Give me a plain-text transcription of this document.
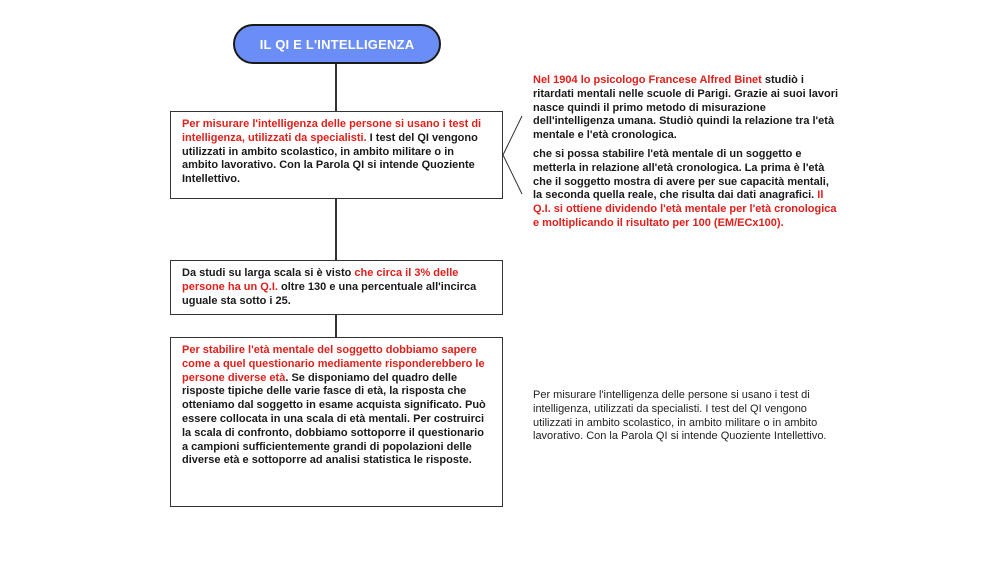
IL QI E L'INTELLIGENZA
Per misurare l'intelligenza delle persone si usano i test di intelligenza, utilizzati da specialisti. I test del QI vengono utilizzati in ambito scolastico, in ambito militare o in ambito lavorativo. Con la Parola QI si intende Quoziente Intellettivo.
Da studi su larga scala si è visto che circa il 3% delle persone ha un Q.I. oltre 130 e una percentuale all'incirca uguale sta sotto i 25.
Per stabilire l'età mentale del soggetto dobbiamo sapere come a quel questionario mediamente risponderebbero le persone diverse età. Se disponiamo del quadro delle risposte tipiche delle varie fasce di età, la risposta che otteniamo dal soggetto in esame acquista significato. Può essere collocata in una scala di età mentali. Per costruirci la scala di confronto, dobbiamo sottoporre il questionario a campioni sufficientemente grandi di popolazioni delle diverse età e sottoporre ad analisi statistica le risposte.

Nel 1904 lo psicologo Francese Alfred Binet studiò i ritardati mentali nelle scuole di Parigi. Grazie ai suoi lavori nasce quindi il primo metodo di misurazione dell'intelligenza umana. Studiò quindi la relazione tra l'età mentale e l'età cronologica.

che si possa stabilire l'età mentale di un soggetto e metterla in relazione all'età cronologica. La prima è l'età che il soggetto mostra di avere per sue capacità mentali, la seconda quella reale, che risulta dai dati anagrafici. Il Q.I. si ottiene dividendo l'età mentale per l'età cronologica e moltiplicando il risultato per 100 (EM/ECx100).

Per misurare l'intelligenza delle persone si usano i test di intelligenza, utilizzati da specialisti. I test del QI vengono utilizzati in ambito scolastico, in ambito militare o in ambito lavorativo. Con la Parola QI si intende Quoziente Intellettivo.
